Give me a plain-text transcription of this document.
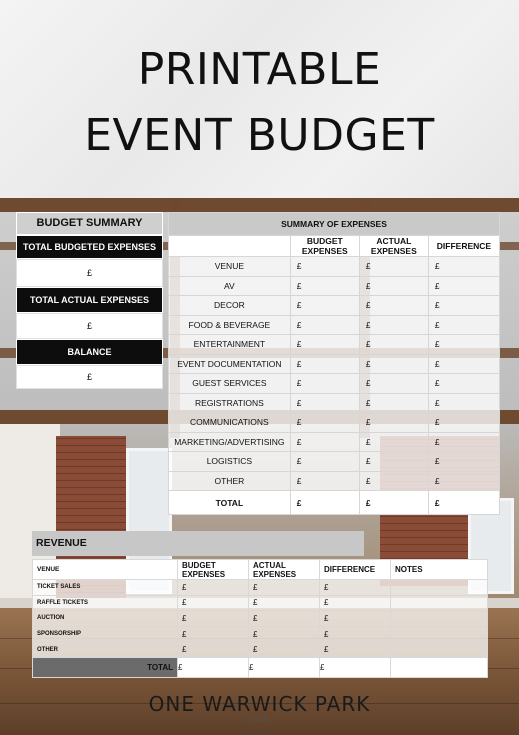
PRINTABLE
EVENT BUDGET
BUDGET SUMMARY
TOTAL BUDGETED EXPENSES
£
TOTAL ACTUAL EXPENSES
£
BALANCE
£
SUMMARY OF EXPENSES			
	BUDGET EXPENSES	ACTUAL EXPENSES	DIFFERENCE
VENUE	£	£	£
AV	£	£	£
DECOR	£	£	£
FOOD & BEVERAGE	£	£	£
ENTERTAINMENT	£	£	£
EVENT DOCUMENTATION	£	£	£
GUEST SERVICES	£	£	£
REGISTRATIONS	£	£	£
COMMUNICATIONS	£	£	£
MARKETING/ADVERTISING	£	£	£
LOGISTICS	£	£	£
OTHER	£	£	£
TOTAL	£	£	£
REVENUE
VENUE	BUDGET EXPENSES	ACTUAL EXPENSES	DIFFERENCE	NOTES
TICKET SALES	£	£	£	
RAFFLE TICKETS	£	£	£	
AUCTION	£	£	£	
SPONSORSHIP	£	£	£	
OTHER	£	£	£	
TOTAL	£	£	£	
ONE WARWICK PARK
HOTEL
